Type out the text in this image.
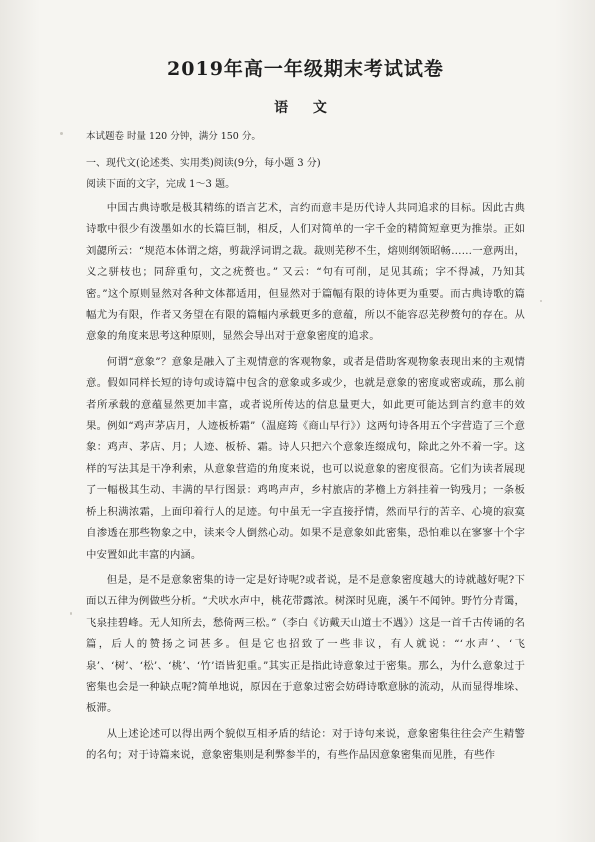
2019年高一年级期末考试试卷
语 文
本试题卷 时量 120 分钟，满分 150 分。
一、现代文(论述类、实用类)阅读(9分，每小题 3 分)
阅读下面的文字，完成 1～3 题。

中国古典诗歌是极其精练的语言艺术，言约而意丰是历代诗人共同追求的目标。因此古典诗歌中很少有泼墨如水的长篇巨制，相反，人们对简单的一字千金的精简短章更为推崇。正如刘勰所云：“规范本体谓之熔，剪裁浮词谓之裁。裁则芜秽不生，熔则纲领昭畅……一意两出，义之骈枝也；同辞重句，文之疣赘也。” 又云：“句有可削，足见其疏；字不得减，乃知其密。”这个原则显然对各种文体都适用，但显然对于篇幅有限的诗体更为重要。而古典诗歌的篇幅尤为有限，作者又务望在有限的篇幅内承载更多的意蕴，所以不能容忍芜秽赘句的存在。从意象的角度来思考这种原则，显然会导出对于意象密度的追求。

何谓“意象”？意象是融入了主观情意的客观物象，或者是借助客观物象表现出来的主观情意。假如同样长短的诗句或诗篇中包含的意象或多或少，也就是意象的密度或密或疏，那么前者所承载的意蕴显然更加丰富，或者说所传达的信息量更大，如此更可能达到言约意丰的效果。例如“鸡声茅店月，人迹板桥霜”（温庭筠《商山早行》）这两句诗各用五个字营造了三个意象：鸡声、茅店、月；人迹、板桥、霜。诗人只把六个意象连缀成句，除此之外不着一字。这样的写法其是干净利索，从意象营造的角度来说，也可以说意象的密度很高。它们为读者展现了一幅极其生动、丰满的早行图景：鸡鸣声声，乡村旅店的茅檐上方斜挂着一钩残月；一条板桥上积满浓霜，上面印着行人的足迹。句中虽无一字直接抒情，然而早行的苦辛、心境的寂寞自渗透在那些物象之中，读来令人倒然心动。如果不是意象如此密集，恐怕难以在寥寥十个字中安置如此丰富的内涵。

但是，是不是意象密集的诗一定是好诗呢?或者说，是不是意象密度越大的诗就越好呢?下面以五律为例做些分析。“犬吠水声中，桃花带露浓。树深时见鹿，溪午不闻钟。野竹分青霭，飞泉挂碧峰。无人知所去，愁倚两三松。”（李白《访戴天山道士不遇》）这是一首千古传诵的名篇，后人的赞扬之词甚多。但是它也招致了一些非议，有人就说：“‘水声’、‘飞泉’、‘树’、‘松’、‘桃’、‘竹’语皆犯重。”其实正是指此诗意象过于密集。那么，为什么意象过于密集也会是一种缺点呢?简单地说，原因在于意象过密会妨碍诗歌意脉的流动，从而显得堆垛、板滞。

从上述论述可以得出两个貌似互相矛盾的结论：对于诗句来说，意象密集往往会产生精警的名句；对于诗篇来说，意象密集则是利弊参半的，有些作品因意象密集而见胜，有些作
